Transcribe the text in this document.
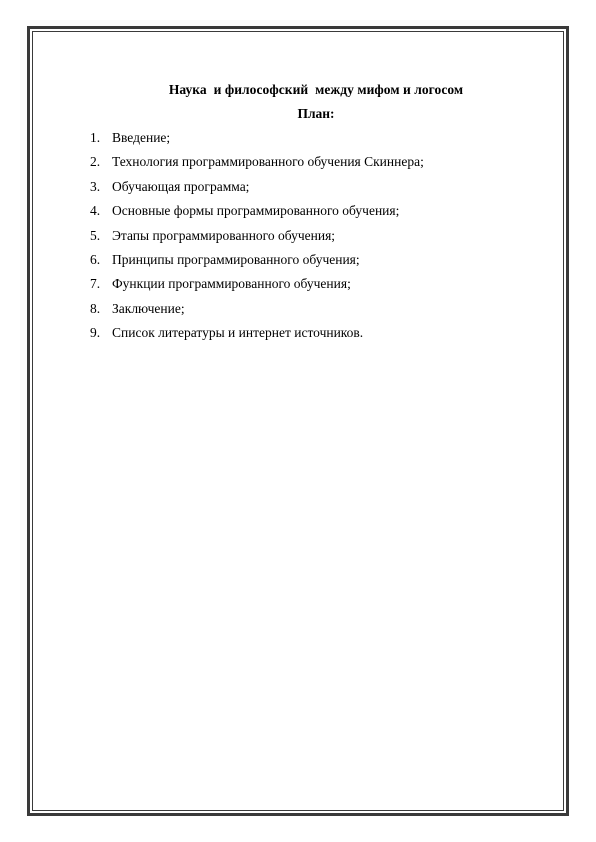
Наука  и философский  между мифом и логосом
План:
1. Введение;
2. Технология программированного обучения Скиннера;
3. Обучающая программа;
4. Основные формы программированного обучения;
5. Этапы программированного обучения;
6. Принципы программированного обучения;
7. Функции программированного обучения;
8. Заключение;
9. Список литературы и интернет источников.
